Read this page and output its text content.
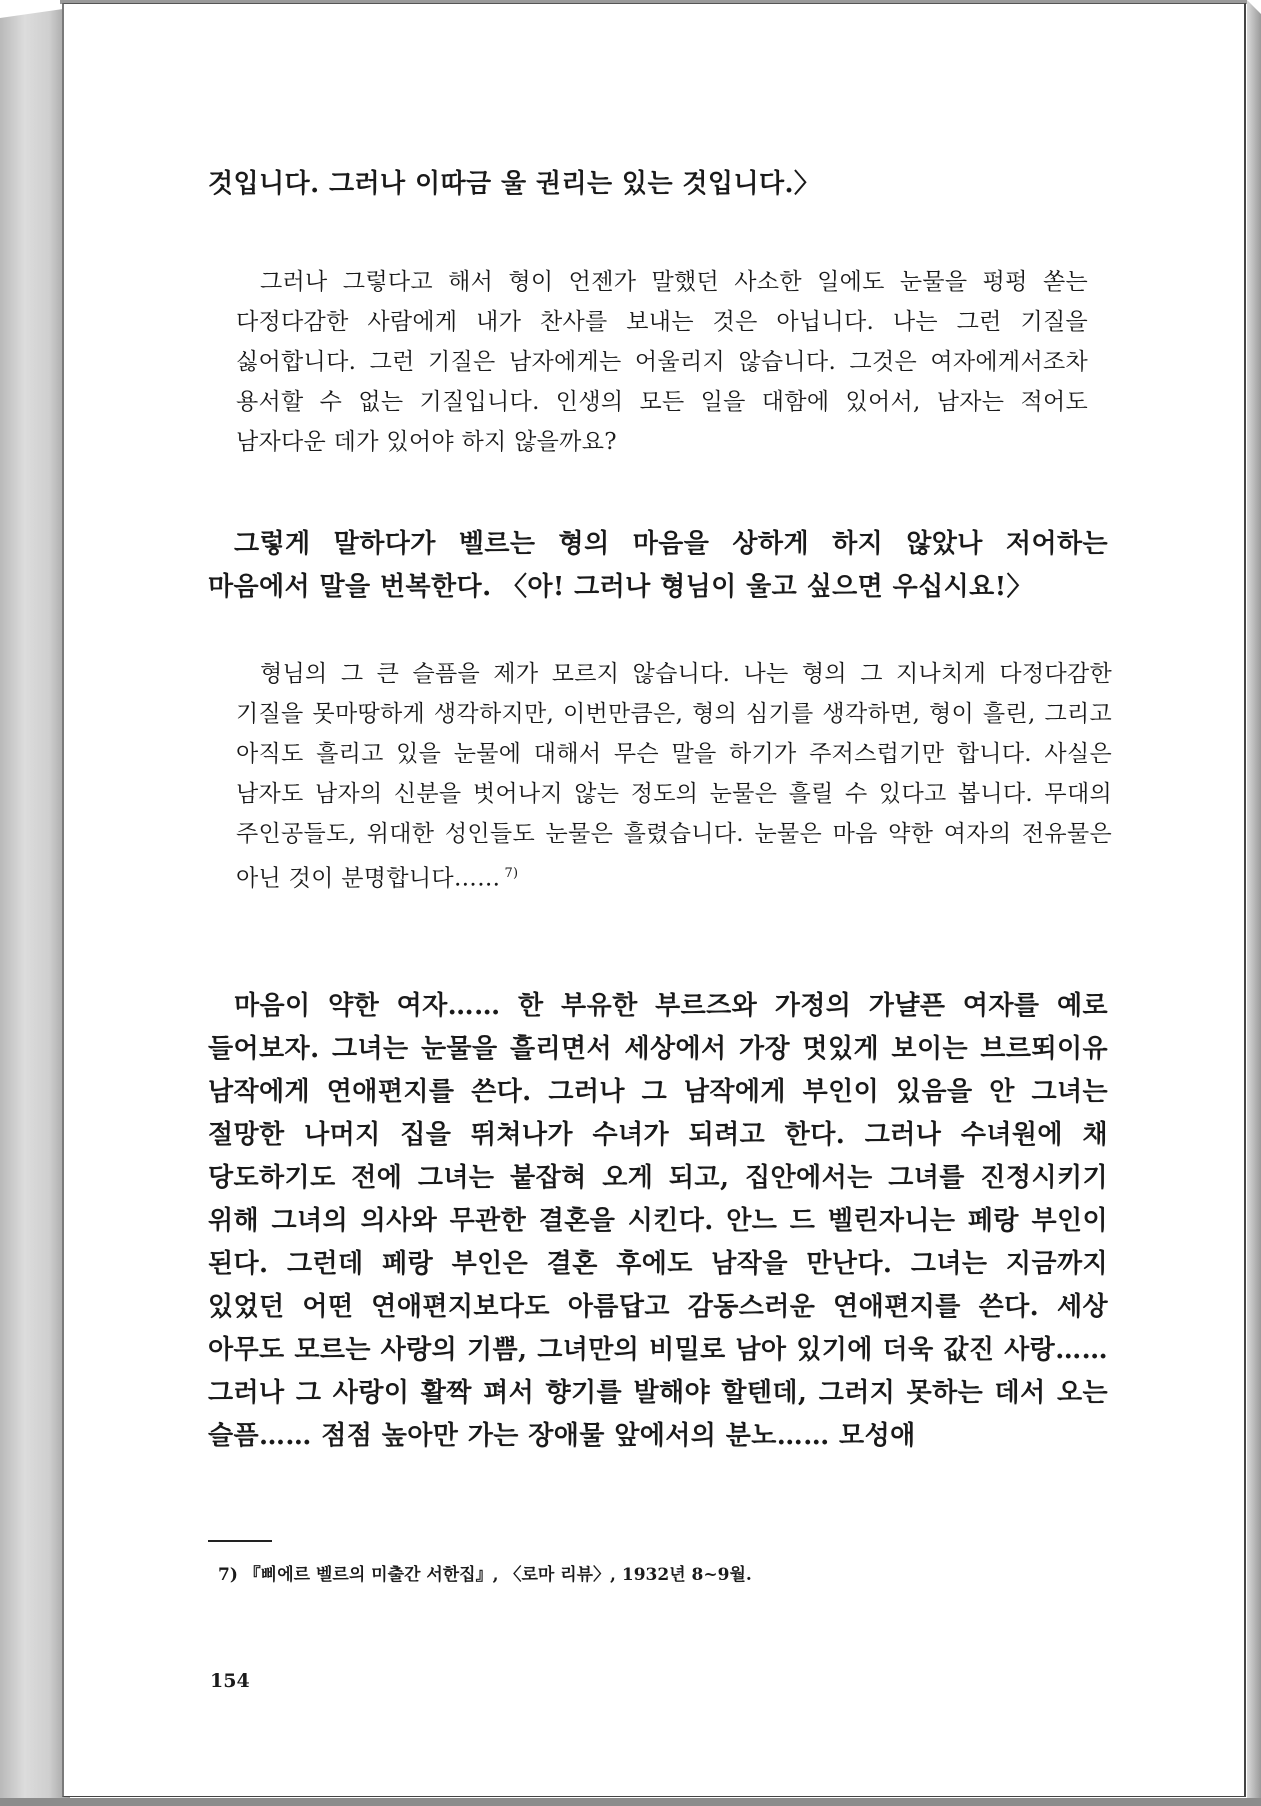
것입니다. 그러나 이따금 울 권리는 있는 것입니다.〉

그러나 그렇다고 해서 형이 언젠가 말했던 사소한 일에도 눈물을 펑펑 쏟는 다정다감한 사람에게 내가 찬사를 보내는 것은 아닙니다. 나는 그런 기질을 싫어합니다. 그런 기질은 남자에게는 어울리지 않습니다. 그것은 여자에게서조차 용서할 수 없는 기질입니다. 인생의 모든 일을 대함에 있어서, 남자는 적어도 남자다운 데가 있어야 하지 않을까요?

그렇게 말하다가 벨르는 형의 마음을 상하게 하지 않았나 저어하는 마음에서 말을 번복한다. 〈아! 그러나 형님이 울고 싶으면 우십시요!〉

형님의 그 큰 슬픔을 제가 모르지 않습니다. 나는 형의 그 지나치게 다정다감한 기질을 못마땅하게 생각하지만, 이번만큼은, 형의 심기를 생각하면, 형이 흘린, 그리고 아직도 흘리고 있을 눈물에 대해서 무슨 말을 하기가 주저스럽기만 합니다. 사실은 남자도 남자의 신분을 벗어나지 않는 정도의 눈물은 흘릴 수 있다고 봅니다. 무대의 주인공들도, 위대한 성인들도 눈물은 흘렸습니다. 눈물은 마음 약한 여자의 전유물은 아닌 것이 분명합니다…… $^{7)}$

마음이 약한 여자…… 한 부유한 부르즈와 가정의 가냘픈 여자를 예로 들어보자. 그녀는 눈물을 흘리면서 세상에서 가장 멋있게 보이는 브르뙤이유 남작에게 연애편지를 쓴다. 그러나 그 남작에게 부인이 있음을 안 그녀는 절망한 나머지 집을 뛰쳐나가 수녀가 되려고 한다. 그러나 수녀원에 채 당도하기도 전에 그녀는 붙잡혀 오게 되고, 집안에서는 그녀를 진정시키기 위해 그녀의 의사와 무관한 결혼을 시킨다. 안느 드 벨린자니는 페랑 부인이 된다. 그런데 페랑 부인은 결혼 후에도 남작을 만난다. 그녀는 지금까지 있었던 어떤 연애편지보다도 아름답고 감동스러운 연애편지를 쓴다. 세상 아무도 모르는 사랑의 기쁨, 그녀만의 비밀로 남아 있기에 더욱 값진 사랑…… 그러나 그 사랑이 활짝 펴서 향기를 발해야 할텐데, 그러지 못하는 데서 오는 슬픔…… 점점 높아만 가는 장애물 앞에서의 분노…… 모성애

7) 『삐에르 벨르의 미출간 서한집』, 〈로마 리뷰〉, 1932년 8~9월.
154
